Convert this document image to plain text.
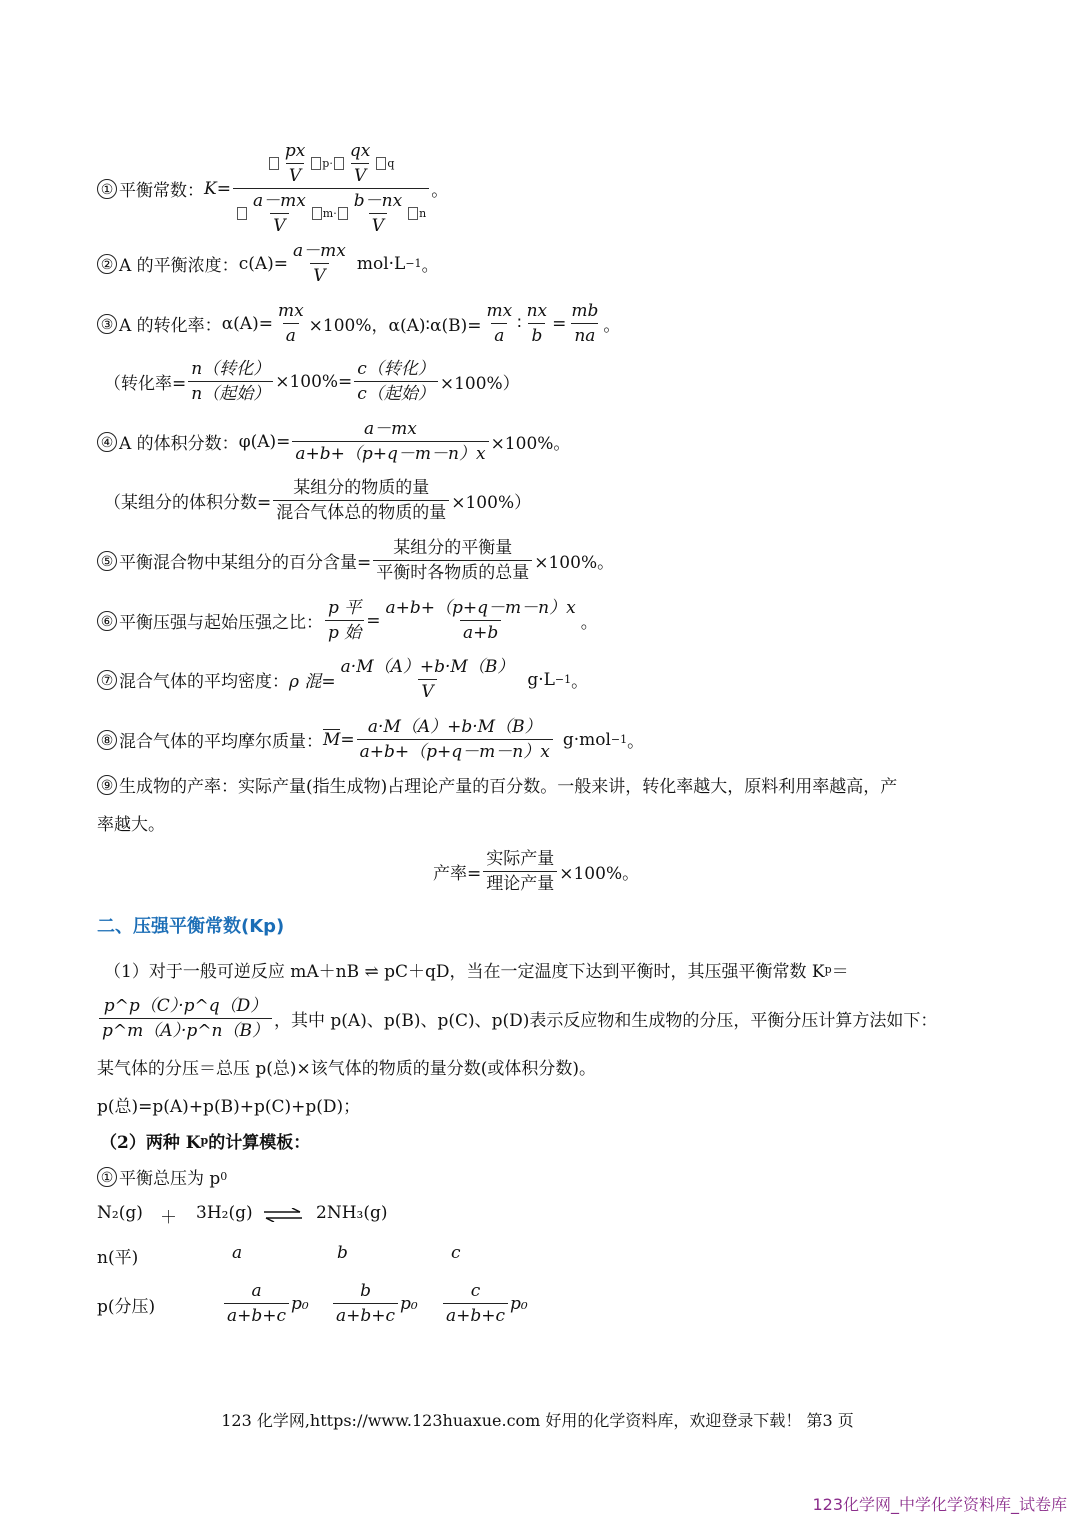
① 平衡常数： $K = \frac{\frac{px}{V} p\cdot \frac{qx}{V} q}{\frac{a-mx}{V} m\cdot \frac{b-nx}{V} n}$ 。
② A 的平衡浓度： $c(A)= \frac{a-mx}{V} mol\cdot L -1$ 。
③ A 的转化率： $\alpha(A)= \frac{mx}{a} \times 100\%$，α(A)∶α(B)= $\frac{mx}{a}$ ∶ $\frac{nx}{b} = \frac{mb}{na}$ 。
（转化率= $\frac{\text{n（转化）}}{\text{n（起始）}} \times 100\%= \frac{\text{c（转化）}}{\text{c（起始）}} \times 100\%$）
④ A 的体积分数： $\varphi(A)= \frac{a-mx}{a+b+(p+q-m-n)x} \times 100\%$。
（某组分的体积分数= $\frac{\text{某组分的物质的量}}{\text{混合气体总的物质的量}} \times 100\%$）
⑤ 平衡混合物中某组分的百分含量= $\frac{\text{某组分的平衡量}}{\text{平衡时各物质的总量}} \times 100\%$。
⑥ 平衡压强与起始压强之比： $\frac{\text{p 平}}{\text{p 始}} = \frac{a+b+(p+q-m-n)x}{a+b}$ 。
⑦ 混合气体的平均密度： ρ 混= $\frac{a\cdot M(A)+b\cdot M(B)}{V} g\cdot L -1$ 。
⑧ 混合气体的平均摩尔质量： $M = \frac{a\cdot M(A)+b\cdot M(B)}{a+b+(p+q-m-n)x} g\cdot mol -1$ 。
⑨ 生成物的产率：实际产量(指生成物)占理论产量的百分数。一般来讲，转化率越大，原料利用率越高，产
率越大。
产率= $\frac{\text{实际产量}}{\text{理论产量}} \times 100\%$。
二、压强平衡常数(Kp)
（1）对于一般可逆反应 mA＋nB ⇌ pC＋qD，当在一定温度下达到平衡时，其压强平衡常数 K p ＝
$\frac{p\^{}p(C)\cdot p\^{}q(D)}{p\^{}m(A)\cdot p\^{}n(B)}$ ，其中 p(A)、p(B)、p(C)、p(D)表示反应物和生成物的分压，平衡分压计算方法如下：
某气体的分压＝总压 p(总)×该气体的物质的量分数(或体积分数)。
p(总)=p(A)+p(B)+p(C)+p(D)；
（2）两种 K p 的计算模板：
① 平衡总压为 p 0
N₂(g) ＋ 3H₂(g) ⇌ 2NH₃(g)
n(平)	a	b	c
p(分压)	$\frac{a}{a+b+c} p_0 \frac{b}{a+b+c} p_0 \frac{c}{a+b+c} p_0$
123 化学网,https://www.123huaxue.com 好用的化学资料库，欢迎登录下载！ 第3 页
123化学网_中学化学资料库_试卷库
